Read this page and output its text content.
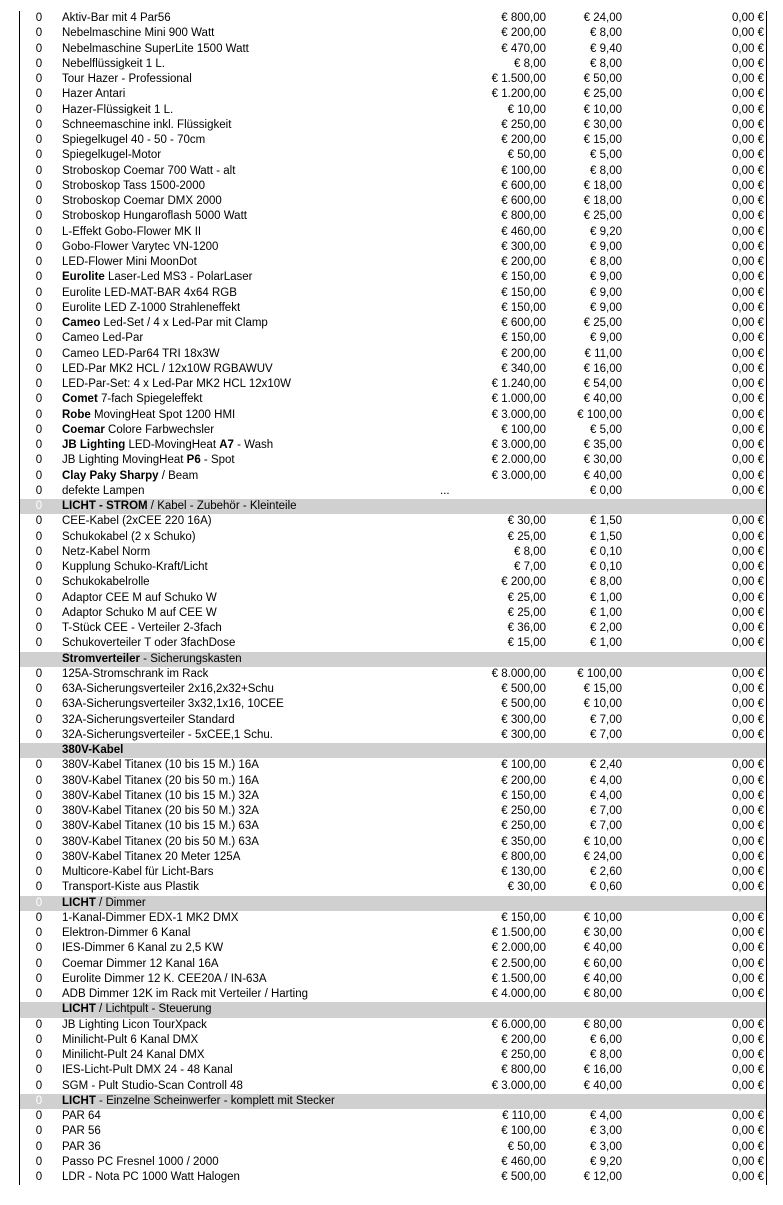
0 Aktiv-Bar mit 4 Par56	€ 800,00	€ 24,00	0,00 €
0 Nebelmaschine Mini 900 Watt	€ 200,00	€ 8,00	0,00 €
0 Nebelmaschine SuperLite 1500 Watt	€ 470,00	€ 9,40	0,00 €
0 Nebelflüssigkeit 1 L.	€ 8,00	€ 8,00	0,00 €
0 Tour Hazer - Professional	€ 1.500,00	€ 50,00	0,00 €
0 Hazer Antari	€ 1.200,00	€ 25,00	0,00 €
0 Hazer-Flüssigkeit 1 L.	€ 10,00	€ 10,00	0,00 €
0 Schneemaschine inkl. Flüssigkeit	€ 250,00	€ 30,00	0,00 €
0 Spiegelkugel 40 - 50 - 70cm	€ 200,00	€ 15,00	0,00 €
0 Spiegelkugel-Motor	€ 50,00	€ 5,00	0,00 €
0 Stroboskop Coemar 700 Watt - alt	€ 100,00	€ 8,00	0,00 €
0 Stroboskop Tass 1500-2000	€ 600,00	€ 18,00	0,00 €
0 Stroboskop Coemar DMX 2000	€ 600,00	€ 18,00	0,00 €
0 Stroboskop Hungaroflash 5000 Watt	€ 800,00	€ 25,00	0,00 €
0 L-Effekt Gobo-Flower MK II	€ 460,00	€ 9,20	0,00 €
0 Gobo-Flower Varytec VN-1200	€ 300,00	€ 9,00	0,00 €
0 LED-Flower Mini MoonDot	€ 200,00	€ 8,00	0,00 €
0 Eurolite Laser-Led MS3 - PolarLaser	€ 150,00	€ 9,00	0,00 €
0 Eurolite LED-MAT-BAR 4x64 RGB	€ 150,00	€ 9,00	0,00 €
0 Eurolite LED Z-1000 Strahleneffekt	€ 150,00	€ 9,00	0,00 €
0 Cameo Led-Set / 4 x Led-Par mit Clamp	€ 600,00	€ 25,00	0,00 €
0 Cameo Led-Par	€ 150,00	€ 9,00	0,00 €
0 Cameo LED-Par64 TRI 18x3W	€ 200,00	€ 11,00	0,00 €
0 LED-Par MK2 HCL / 12x10W RGBAWUV	€ 340,00	€ 16,00	0,00 €
0 LED-Par-Set: 4 x Led-Par MK2 HCL 12x10W	€ 1.240,00	€ 54,00	0,00 €
0 Comet 7-fach Spiegeleffekt	€ 1.000,00	€ 40,00	0,00 €
0 Robe MovingHeat Spot 1200 HMI	€ 3.000,00	€ 100,00	0,00 €
0 Coemar Colore Farbwechsler	€ 100,00	€ 5,00	0,00 €
0 JB Lighting LED-MovingHeat A7 - Wash	€ 3.000,00	€ 35,00	0,00 €
0 JB Lighting MovingHeat P6 - Spot	€ 2.000,00	€ 30,00	0,00 €
0 Clay Paky Sharpy / Beam	€ 3.000,00	€ 40,00	0,00 €
0 defekte Lampen	...	€ 0,00	0,00 €
0 LICHT - STROM / Kabel - Zubehör - Kleinteile
0 CEE-Kabel (2xCEE 220 16A)	€ 30,00	€ 1,50	0,00 €
0 Schukokabel (2 x Schuko)	€ 25,00	€ 1,50	0,00 €
0 Netz-Kabel Norm	€ 8,00	€ 0,10	0,00 €
0 Kupplung Schuko-Kraft/Licht	€ 7,00	€ 0,10	0,00 €
0 Schukokabelrolle	€ 200,00	€ 8,00	0,00 €
0 Adaptor CEE M auf Schuko W	€ 25,00	€ 1,00	0,00 €
0 Adaptor Schuko M auf CEE W	€ 25,00	€ 1,00	0,00 €
0 T-Stück CEE - Verteiler 2-3fach	€ 36,00	€ 2,00	0,00 €
0 Schukoverteiler T oder 3fachDose	€ 15,00	€ 1,00	0,00 €
Stromverteiler - Sicherungskasten
0 125A-Stromschrank im Rack	€ 8.000,00	€ 100,00	0,00 €
0 63A-Sicherungsverteiler 2x16,2x32+Schu	€ 500,00	€ 15,00	0,00 €
0 63A-Sicherungsverteiler 3x32,1x16, 10CEE	€ 500,00	€ 10,00	0,00 €
0 32A-Sicherungsverteiler Standard	€ 300,00	€ 7,00	0,00 €
0 32A-Sicherungsverteiler - 5xCEE,1 Schu.	€ 300,00	€ 7,00	0,00 €
380V-Kabel
0 380V-Kabel Titanex (10 bis 15 M.) 16A	€ 100,00	€ 2,40	0,00 €
0 380V-Kabel Titanex (20 bis 50 m.) 16A	€ 200,00	€ 4,00	0,00 €
0 380V-Kabel Titanex (10 bis 15 M.) 32A	€ 150,00	€ 4,00	0,00 €
0 380V-Kabel Titanex (20 bis 50 M.) 32A	€ 250,00	€ 7,00	0,00 €
0 380V-Kabel Titanex (10 bis 15 M.) 63A	€ 250,00	€ 7,00	0,00 €
0 380V-Kabel Titanex (20 bis 50 M.) 63A	€ 350,00	€ 10,00	0,00 €
0 380V-Kabel Titanex 20 Meter 125A	€ 800,00	€ 24,00	0,00 €
0 Multicore-Kabel für Licht-Bars	€ 130,00	€ 2,60	0,00 €
0 Transport-Kiste aus Plastik	€ 30,00	€ 0,60	0,00 €
0 LICHT / Dimmer
0 1-Kanal-Dimmer EDX-1 MK2 DMX	€ 150,00	€ 10,00	0,00 €
0 Elektron-Dimmer 6 Kanal	€ 1.500,00	€ 30,00	0,00 €
0 IES-Dimmer 6 Kanal zu 2,5 KW	€ 2.000,00	€ 40,00	0,00 €
0 Coemar Dimmer 12 Kanal 16A	€ 2.500,00	€ 60,00	0,00 €
0 Eurolite Dimmer 12 K. CEE20A / IN-63A	€ 1.500,00	€ 40,00	0,00 €
0 ADB Dimmer 12K im Rack mit Verteiler / Harting	€ 4.000,00	€ 80,00	0,00 €
LICHT / Lichtpult - Steuerung
0 JB Lighting Licon TourXpack	€ 6.000,00	€ 80,00	0,00 €
0 Minilicht-Pult 6 Kanal DMX	€ 200,00	€ 6,00	0,00 €
0 Minilicht-Pult 24 Kanal DMX	€ 250,00	€ 8,00	0,00 €
0 IES-Licht-Pult DMX 24 - 48 Kanal	€ 800,00	€ 16,00	0,00 €
0 SGM - Pult Studio-Scan Controll 48	€ 3.000,00	€ 40,00	0,00 €
0 LICHT - Einzelne Scheinwerfer - komplett mit Stecker
0 PAR 64	€ 110,00	€ 4,00	0,00 €
0 PAR 56	€ 100,00	€ 3,00	0,00 €
0 PAR 36	€ 50,00	€ 3,00	0,00 €
0 Passo PC Fresnel 1000 / 2000	€ 460,00	€ 9,20	0,00 €
0 LDR - Nota PC 1000 Watt Halogen	€ 500,00	€ 12,00	0,00 €
